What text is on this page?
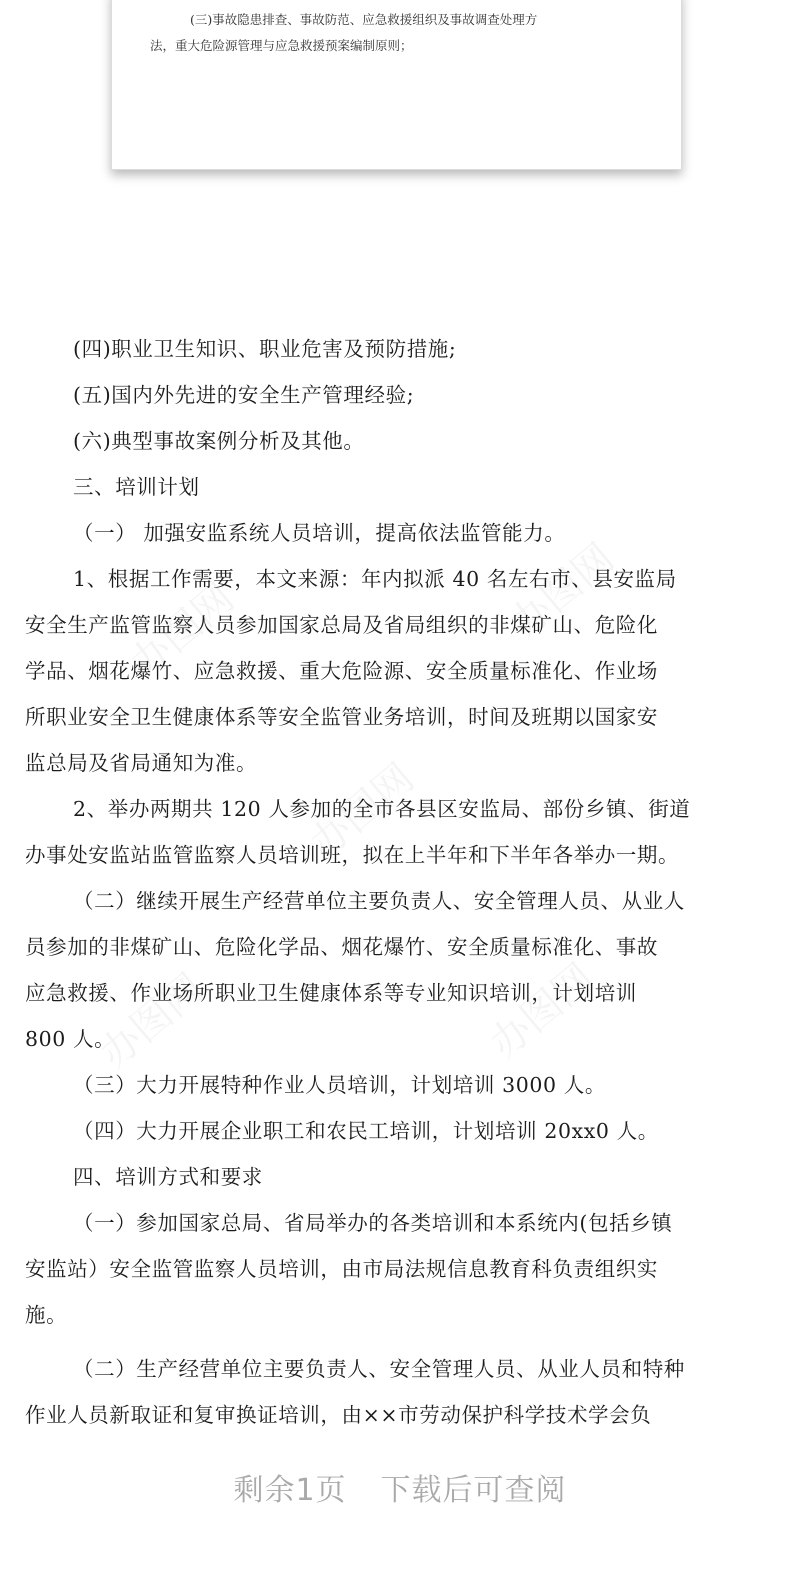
(三)事故隐患排查、事故防范、应急救援组织及事故调查处理方
法，重大危险源管理与应急救援预案编制原则；

(四)职业卫生知识、职业危害及预防措施;

(五)国内外先进的安全生产管理经验;

(六)典型事故案例分析及其他。

三、培训计划

（一） 加强安监系统人员培训，提高依法监管能力。

1、根据工作需要，本文来源：年内拟派 40 名左右市、县安监局

安全生产监管监察人员参加国家总局及省局组织的非煤矿山、危险化

学品、烟花爆竹、应急救援、重大危险源、安全质量标准化、作业场

所职业安全卫生健康体系等安全监管业务培训，时间及班期以国家安

监总局及省局通知为准。

2、举办两期共 120 人参加的全市各县区安监局、部份乡镇、街道

办事处安监站监管监察人员培训班，拟在上半年和下半年各举办一期。

（二）继续开展生产经营单位主要负责人、安全管理人员、从业人

员参加的非煤矿山、危险化学品、烟花爆竹、安全质量标准化、事故

应急救援、作业场所职业卫生健康体系等专业知识培训，计划培训

800 人。

（三）大力开展特种作业人员培训，计划培训 3000 人。

（四）大力开展企业职工和农民工培训，计划培训 20xx0 人。

四、培训方式和要求

（一）参加国家总局、省局举办的各类培训和本系统内(包括乡镇

安监站）安全监管监察人员培训，由市局法规信息教育科负责组织实

施。

（二）生产经营单位主要负责人、安全管理人员、从业人员和特种

作业人员新取证和复审换证培训，由××市劳动保护科学技术学会负

剩余1页 下载后可查阅
